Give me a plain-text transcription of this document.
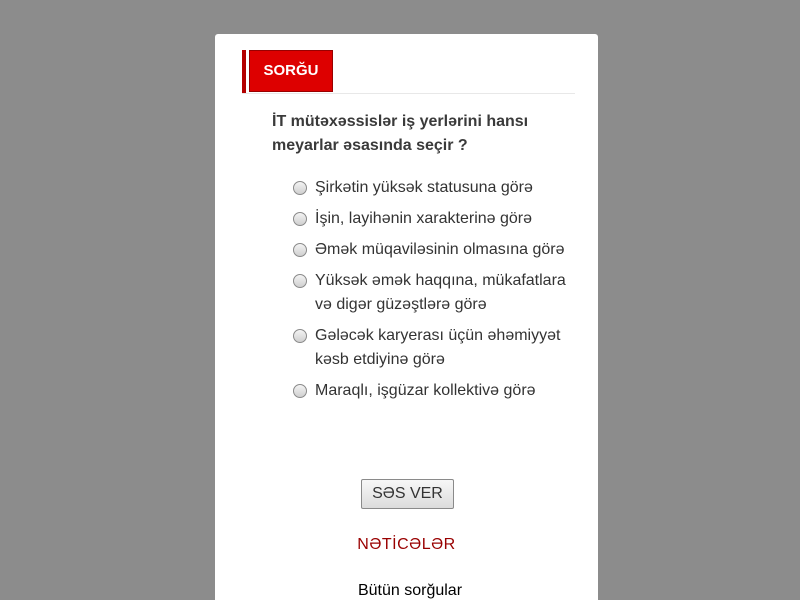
SORĞU
İT mütəxəssislər iş yerlərini hansı meyarlar əsasında seçir ?
Şirkətin yüksək statusuna görə
İşin, layihənin xarakterinə görə
Əmək müqaviləsinin olmasına görə
Yüksək əmək haqqına, mükafatlara və digər güzəştlərə görə
Gələcək karyerası üçün əhəmiyyət kəsb etdiyinə görə
Maraqlı, işgüzar kollektivə görə
SƏS VER
NƏTİCƏLƏR
Bütün sorğular
